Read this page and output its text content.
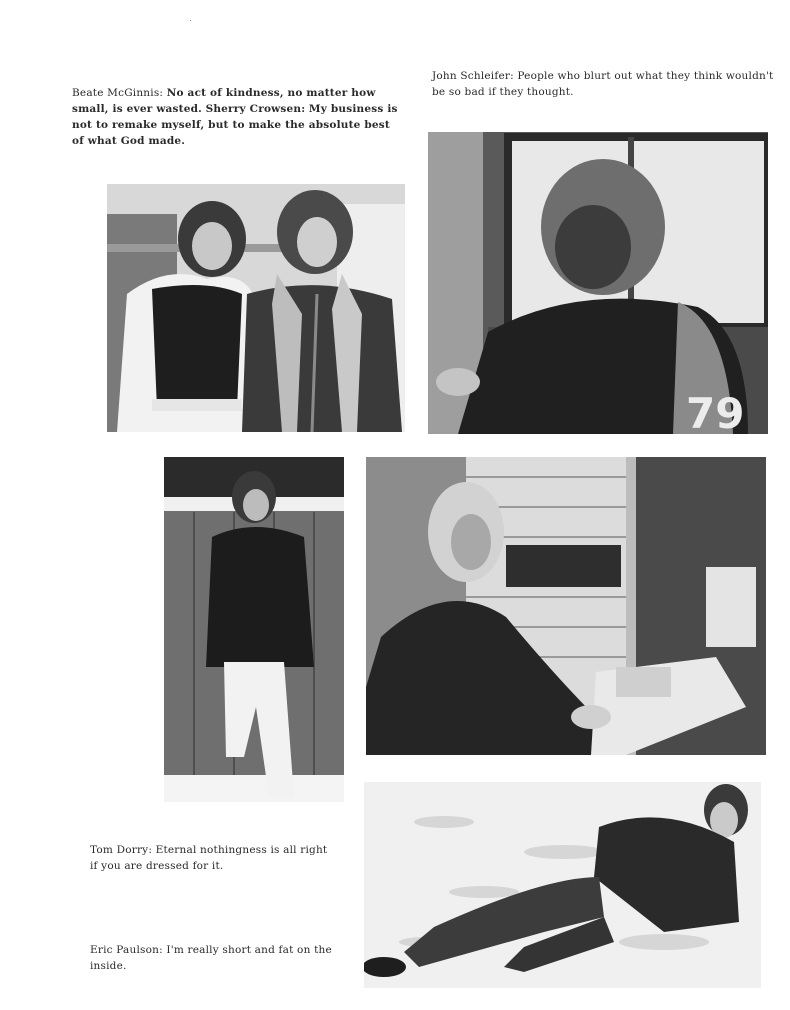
Beate McGinnis: No act of kindness, no matter how small, is ever wasted. Sherry Crowsen: My business is not to remake myself, but to make the absolute best of what God made.
John Schleifer: People who blurt out what they think wouldn't be so bad if they thought.
79
Tom Dorry: Eternal nothingness is all right if you are dressed for it.
Eric Paulson: I'm really short and fat on the inside.
